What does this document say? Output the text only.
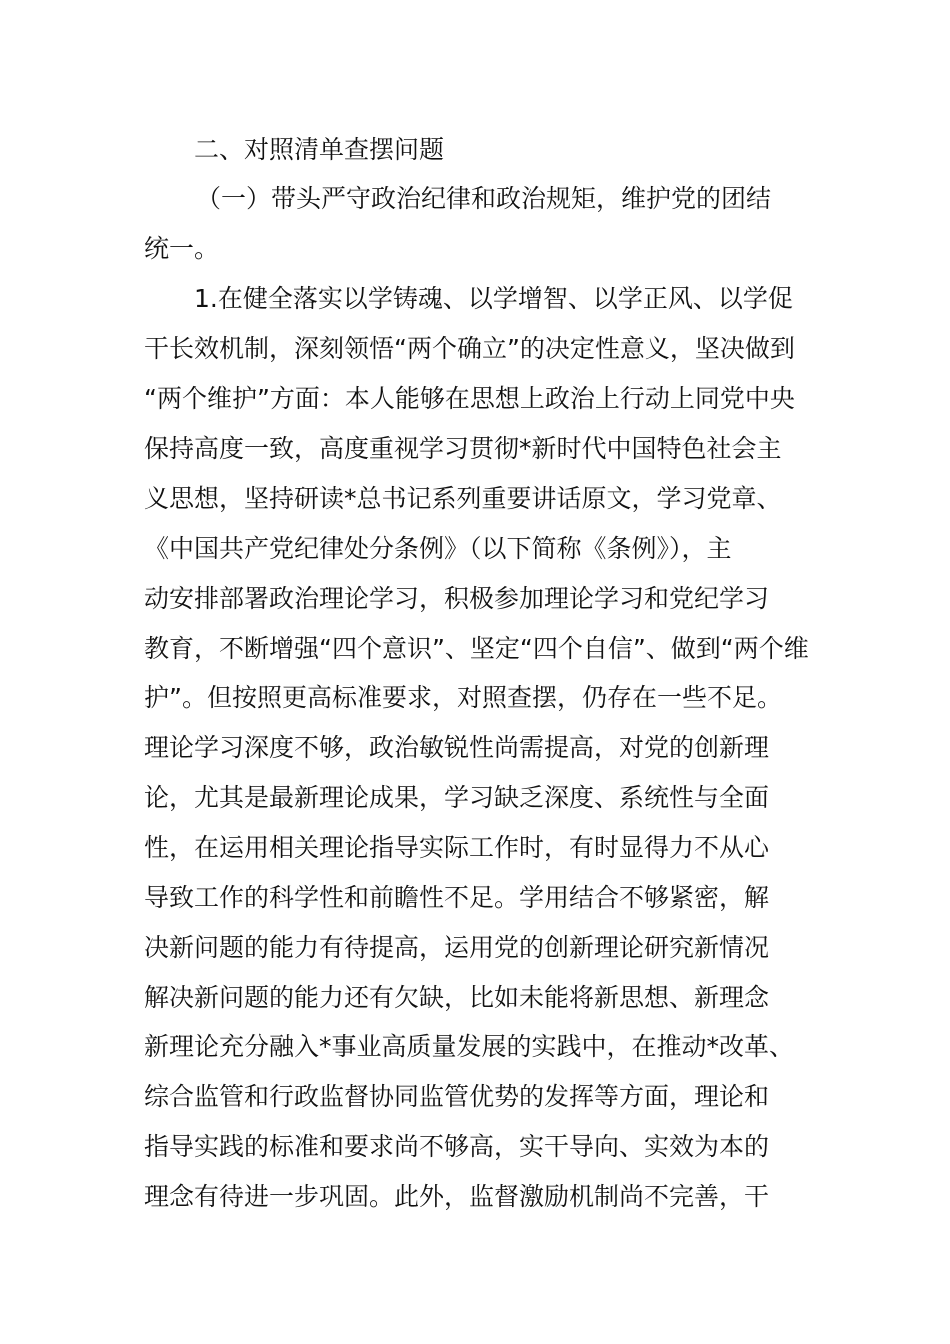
二、对照清单查摆问题
（一）带头严守政治纪律和政治规矩，维护党的团结
统一。
1.在健全落实以学铸魂、以学增智、以学正风、以学促
干长效机制，深刻领悟“两个确立”的决定性意义，坚决做到
“两个维护”方面：本人能够在思想上政治上行动上同党中央
保持高度一致，高度重视学习贯彻*新时代中国特色社会主
义思想，坚持研读*总书记系列重要讲话原文，学习党章、
《中国共产党纪律处分条例》（以下简称《条例》），主
动安排部署政治理论学习，积极参加理论学习和党纪学习
教育，不断增强“四个意识”、坚定“四个自信”、做到“两个维
护”。但按照更高标准要求，对照查摆，仍存在一些不足。
理论学习深度不够，政治敏锐性尚需提高，对党的创新理
论，尤其是最新理论成果，学习缺乏深度、系统性与全面
性，在运用相关理论指导实际工作时，有时显得力不从心
导致工作的科学性和前瞻性不足。学用结合不够紧密，解
决新问题的能力有待提高，运用党的创新理论研究新情况
解决新问题的能力还有欠缺，比如未能将新思想、新理念
新理论充分融入*事业高质量发展的实践中，在推动*改革、
综合监管和行政监督协同监管优势的发挥等方面，理论和
指导实践的标准和要求尚不够高，实干导向、实效为本的
理念有待进一步巩固。此外，监督激励机制尚不完善，干
